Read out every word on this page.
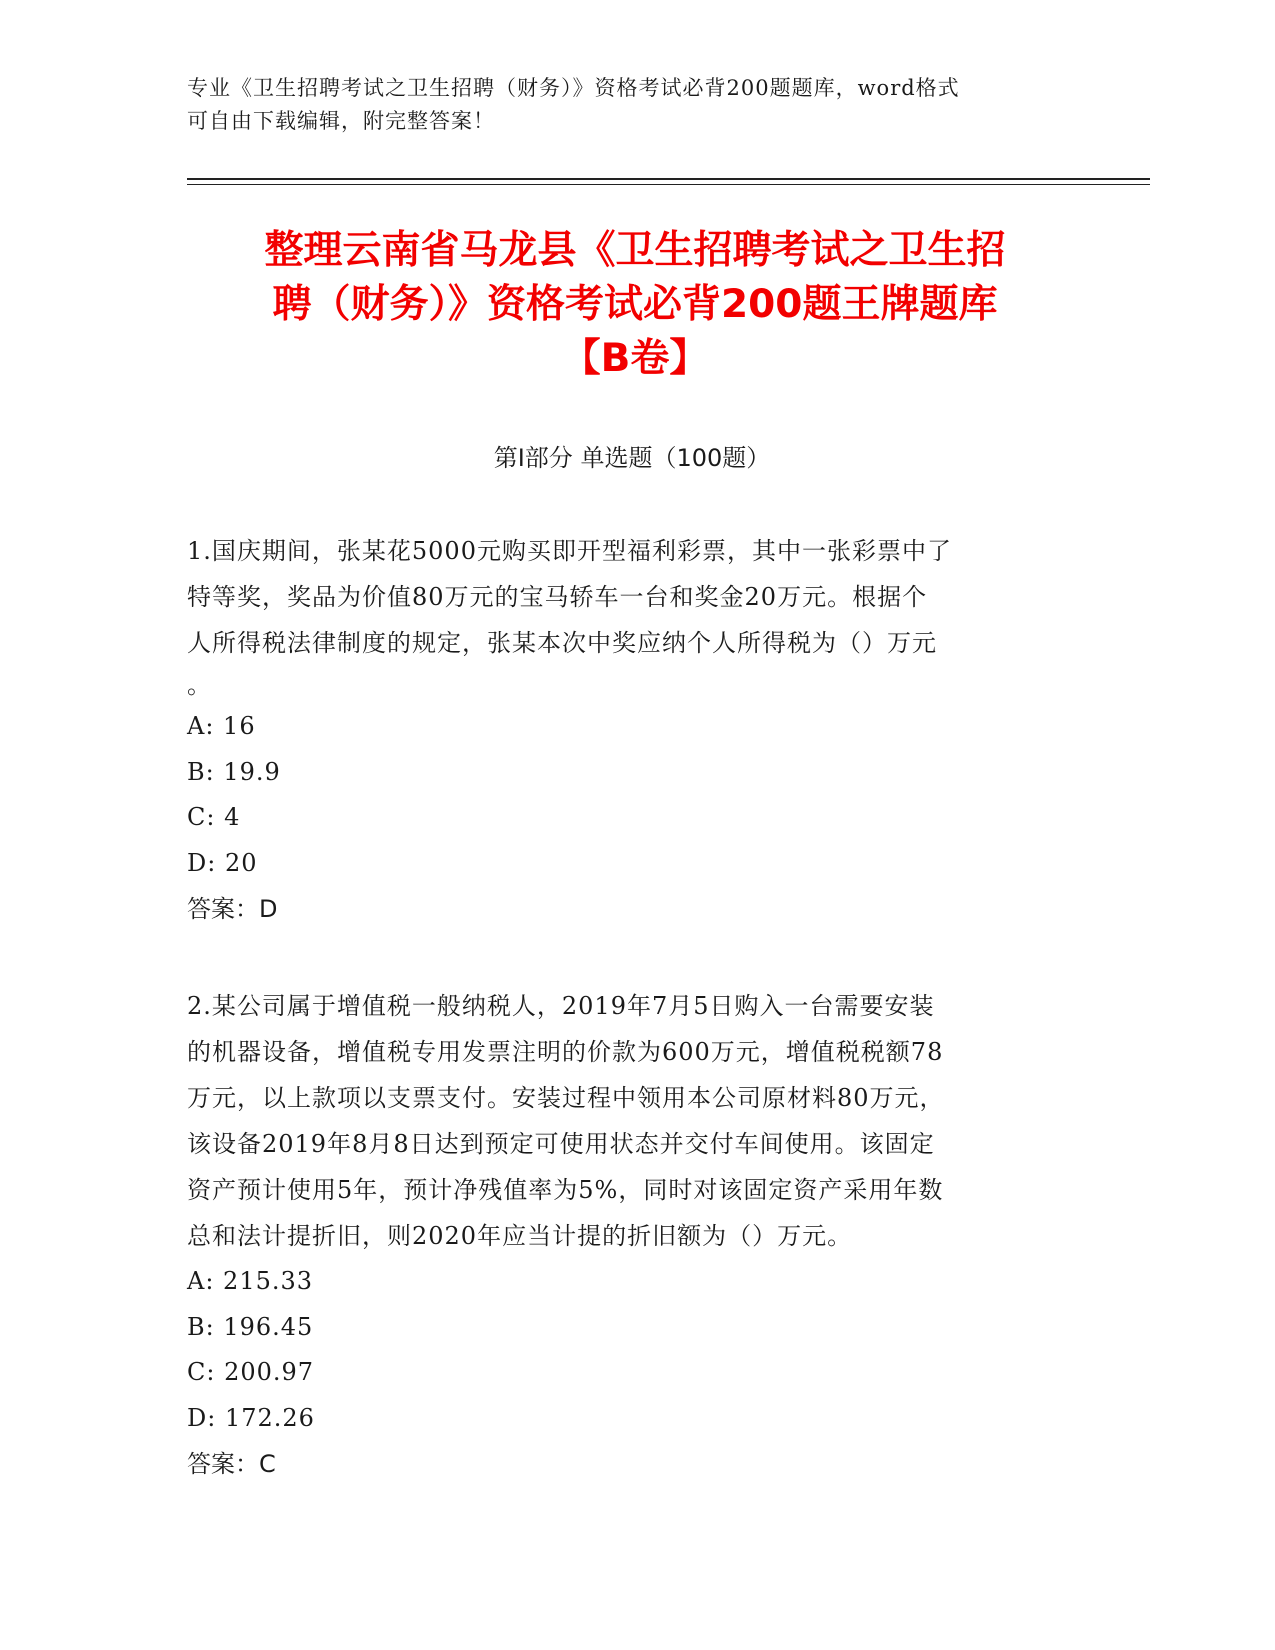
专业《卫生招聘考试之卫生招聘（财务）》资格考试必背200题题库，word格式
可自由下载编辑，附完整答案！
整理云南省马龙县《卫生招聘考试之卫生招
聘（财务）》资格考试必背200题王牌题库
【B卷】
第Ⅰ部分 单选题（100题）
1.国庆期间，张某花5000元购买即开型福利彩票，其中一张彩票中了
特等奖，奖品为价值80万元的宝马轿车一台和奖金20万元。根据个
人所得税法律制度的规定，张某本次中奖应纳个人所得税为（）万元
。
A: 16
B: 19.9
C: 4
D: 20
答案：D
2.某公司属于增值税一般纳税人，2019年7月5日购入一台需要安装
的机器设备，增值税专用发票注明的价款为600万元，增值税税额78
万元，以上款项以支票支付。安装过程中领用本公司原材料80万元，
该设备2019年8月8日达到预定可使用状态并交付车间使用。该固定
资产预计使用5年，预计净残值率为5%，同时对该固定资产采用年数
总和法计提折旧，则2020年应当计提的折旧额为（）万元。
A: 215.33
B: 196.45
C: 200.97
D: 172.26
答案：C
